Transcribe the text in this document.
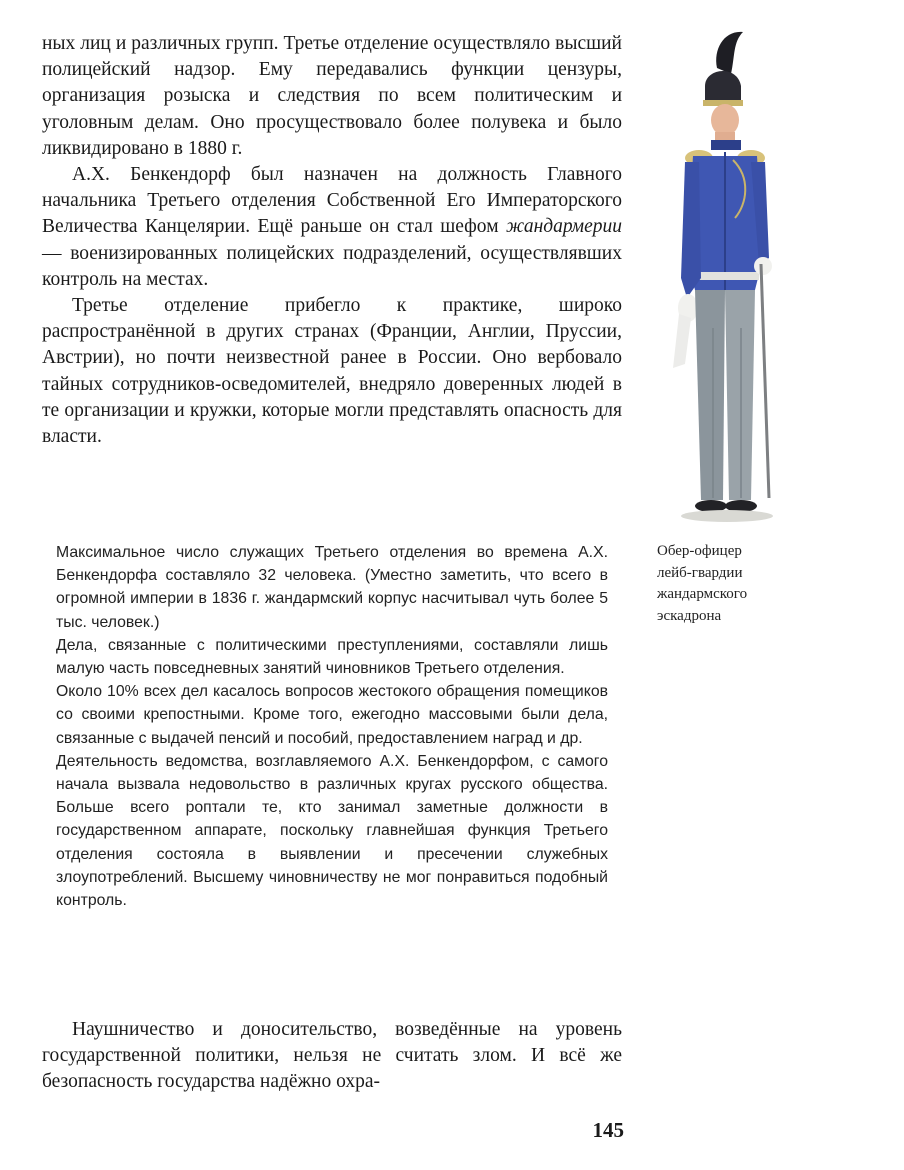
ных лиц и различных групп. Третье отделение осуществляло высший полицейский надзор. Ему передавались функции цензуры, организация розыска и следствия по всем политическим и уголовным делам. Оно просуществовало более полувека и было ликвидировано в 1880 г.

А.Х. Бенкендорф был назначен на должность Главного начальника Третьего отделения Собственной Его Императорского Величества Канцелярии. Ещё раньше он стал шефом жандармерии — военизированных полицейских подразделений, осуществлявших контроль на местах.

Третье отделение прибегло к практике, широко распространённой в других странах (Франции, Англии, Пруссии, Австрии), но почти неизвестной ранее в России. Оно вербовало тайных сотрудников-осведомителей, внедряло доверенных людей в те организации и кружки, которые могли представлять опасность для власти.

Максимальное число служащих Третьего отделения во времена А.Х. Бенкендорфа составляло 32 человека. (Уместно заметить, что всего в огромной империи в 1836 г. жандармский корпус насчитывал чуть более 5 тыс. человек.)

Дела, связанные с политическими преступлениями, составляли лишь малую часть повседневных занятий чиновников Третьего отделения.

Около 10% всех дел касалось вопросов жестокого обращения помещиков со своими крепостными. Кроме того, ежегодно массовыми были дела, связанные с выдачей пенсий и пособий, предоставлением наград и др.

Деятельность ведомства, возглавляемого А.Х. Бенкендорфом, с самого начала вызвала недовольство в различных кругах русского общества. Больше всего роптали те, кто занимал заметные должности в государственном аппарате, поскольку главнейшая функция Третьего отделения состояла в выявлении и пресечении служебных злоупотреблений. Высшему чиновничеству не мог понравиться подобный контроль.

Обер-офицер
лейб-гвардии
жандармского
эскадрона

Наушничество и доносительство, возведённые на уровень государственной политики, нельзя не считать злом. И всё же безопасность государства надёжно охра-

145
